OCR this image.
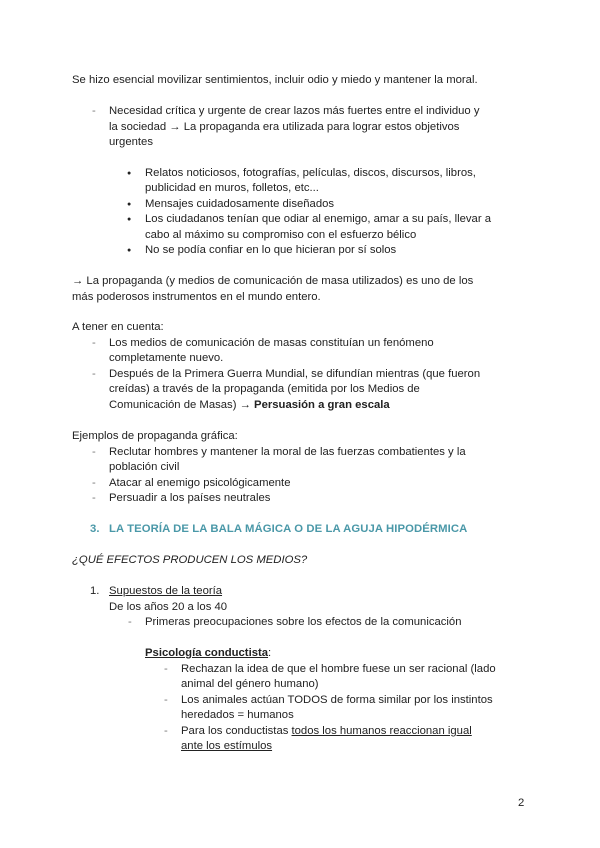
Se hizo esencial movilizar sentimientos, incluir odio y miedo y mantener la moral.
- Necesidad crítica y urgente de crear lazos más fuertes entre el individuo y
la sociedad → La propaganda era utilizada para lograr estos objetivos
urgentes
● Relatos noticiosos, fotografías, películas, discos, discursos, libros,
publicidad en muros, folletos, etc...
● Mensajes cuidadosamente diseñados
● Los ciudadanos tenían que odiar al enemigo, amar a su país, llevar a
cabo al máximo su compromiso con el esfuerzo bélico
● No se podía confiar en lo que hicieran por sí solos
→ La propaganda (y medios de comunicación de masa utilizados) es uno de los
más poderosos instrumentos en el mundo entero.
A tener en cuenta:
- Los medios de comunicación de masas constituían un fenómeno
completamente nuevo.
- Después de la Primera Guerra Mundial, se difundían mientras (que fueron
creídas) a través de la propaganda (emitida por los Medios de
Comunicación de Masas) → Persuasión a gran escala
Ejemplos de propaganda gráfica:
- Reclutar hombres y mantener la moral de las fuerzas combatientes y la
población civil
- Atacar al enemigo psicológicamente
- Persuadir a los países neutrales
3. LA TEORÍA DE LA BALA MÁGICA O DE LA AGUJA HIPODÉRMICA
¿QUÉ EFECTOS PRODUCEN LOS MEDIOS?
1. Supuestos de la teoría
De los años 20 a los 40
- Primeras preocupaciones sobre los efectos de la comunicación
Psicología conductista:
- Rechazan la idea de que el hombre fuese un ser racional (lado
animal del género humano)
- Los animales actúan TODOS de forma similar por los instintos
heredados = humanos
- Para los conductistas todos los humanos reaccionan igual
ante los estímulos
2
